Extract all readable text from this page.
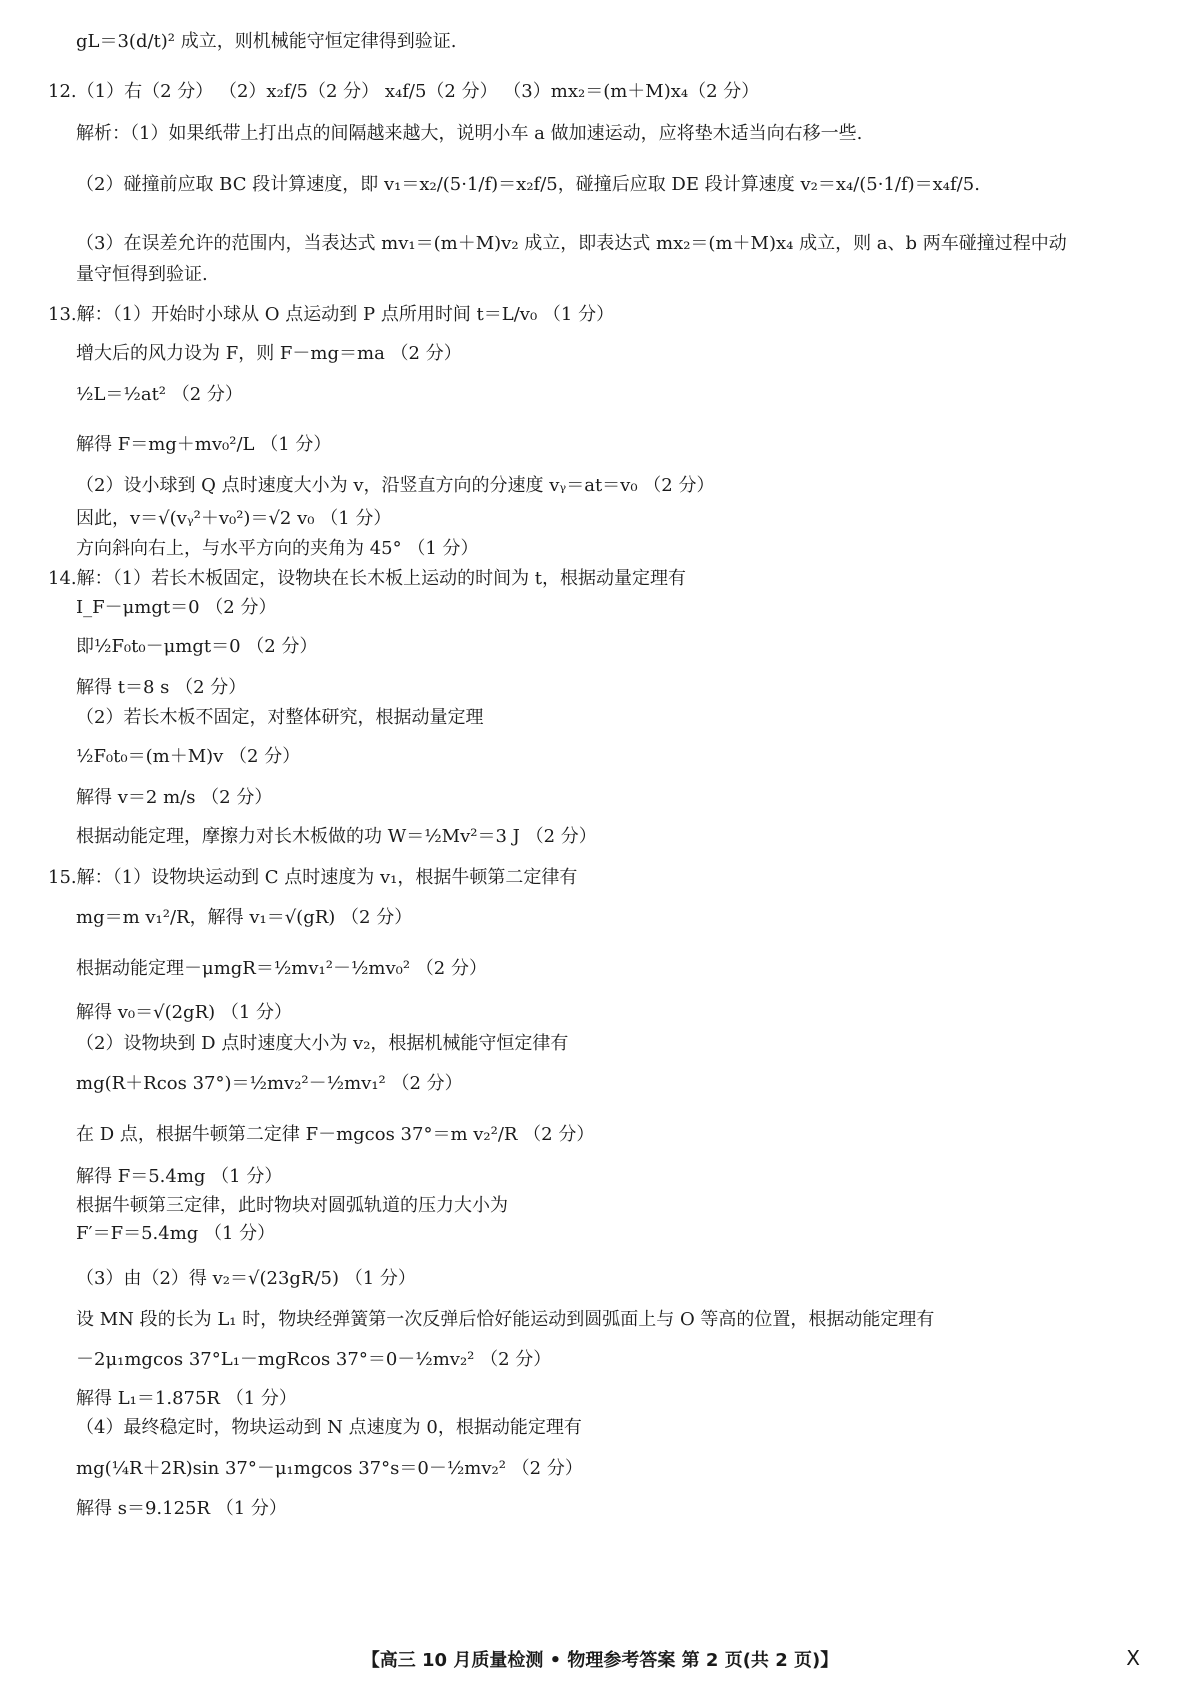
gL＝3(d/t)² 成立，则机械能守恒定律得到验证.
12.（1）右（2 分） （2）x₂f/5（2 分） x₄f/5（2 分） （3）mx₂＝(m＋M)x₄（2 分）
解析：（1）如果纸带上打出点的间隔越来越大，说明小车 a 做加速运动，应将垫木适当向右移一些.
（2）碰撞前应取 BC 段计算速度，即 v₁＝x₂/(5·1/f)＝x₂f/5，碰撞后应取 DE 段计算速度 v₂＝x₄/(5·1/f)＝x₄f/5.
（3）在误差允许的范围内，当表达式 mv₁＝(m＋M)v₂ 成立，即表达式 mx₂＝(m＋M)x₄ 成立，则 a、b 两车碰撞过程中动
量守恒得到验证.
13.解：（1）开始时小球从 O 点运动到 P 点所用时间 t＝L/v₀ （1 分）
增大后的风力设为 F，则 F－mg＝ma （2 分）
½L＝½at² （2 分）
解得 F＝mg＋mv₀²/L （1 分）
（2）设小球到 Q 点时速度大小为 v，沿竖直方向的分速度 vᵧ＝at＝v₀ （2 分）
因此，v＝√(vᵧ²＋v₀²)＝√2 v₀ （1 分）
方向斜向右上，与水平方向的夹角为 45° （1 分）
14.解：（1）若长木板固定，设物块在长木板上运动的时间为 t，根据动量定理有
I_F－μmgt＝0 （2 分）
即½F₀t₀－μmgt＝0 （2 分）
解得 t＝8 s （2 分）
（2）若长木板不固定，对整体研究，根据动量定理
½F₀t₀＝(m＋M)v （2 分）
解得 v＝2 m/s （2 分）
根据动能定理，摩擦力对长木板做的功 W＝½Mv²＝3 J （2 分）
15.解：（1）设物块运动到 C 点时速度为 v₁，根据牛顿第二定律有
mg＝m v₁²/R，解得 v₁＝√(gR) （2 分）
根据动能定理－μmgR＝½mv₁²－½mv₀² （2 分）
解得 v₀＝√(2gR) （1 分）
（2）设物块到 D 点时速度大小为 v₂，根据机械能守恒定律有
mg(R＋Rcos 37°)＝½mv₂²－½mv₁² （2 分）
在 D 点，根据牛顿第二定律 F－mgcos 37°＝m v₂²/R （2 分）
解得 F＝5.4mg （1 分）
根据牛顿第三定律，此时物块对圆弧轨道的压力大小为
F′＝F＝5.4mg （1 分）
（3）由（2）得 v₂＝√(23gR/5) （1 分）
设 MN 段的长为 L₁ 时，物块经弹簧第一次反弹后恰好能运动到圆弧面上与 O 等高的位置，根据动能定理有
－2μ₁mgcos 37°L₁－mgRcos 37°＝0－½mv₂² （2 分）
解得 L₁＝1.875R （1 分）
（4）最终稳定时，物块运动到 N 点速度为 0，根据动能定理有
mg(¼R＋2R)sin 37°－μ₁mgcos 37°s＝0－½mv₂² （2 分）
解得 s＝9.125R （1 分）
【高三 10 月质量检测 • 物理参考答案 第 2 页(共 2 页)】	X
